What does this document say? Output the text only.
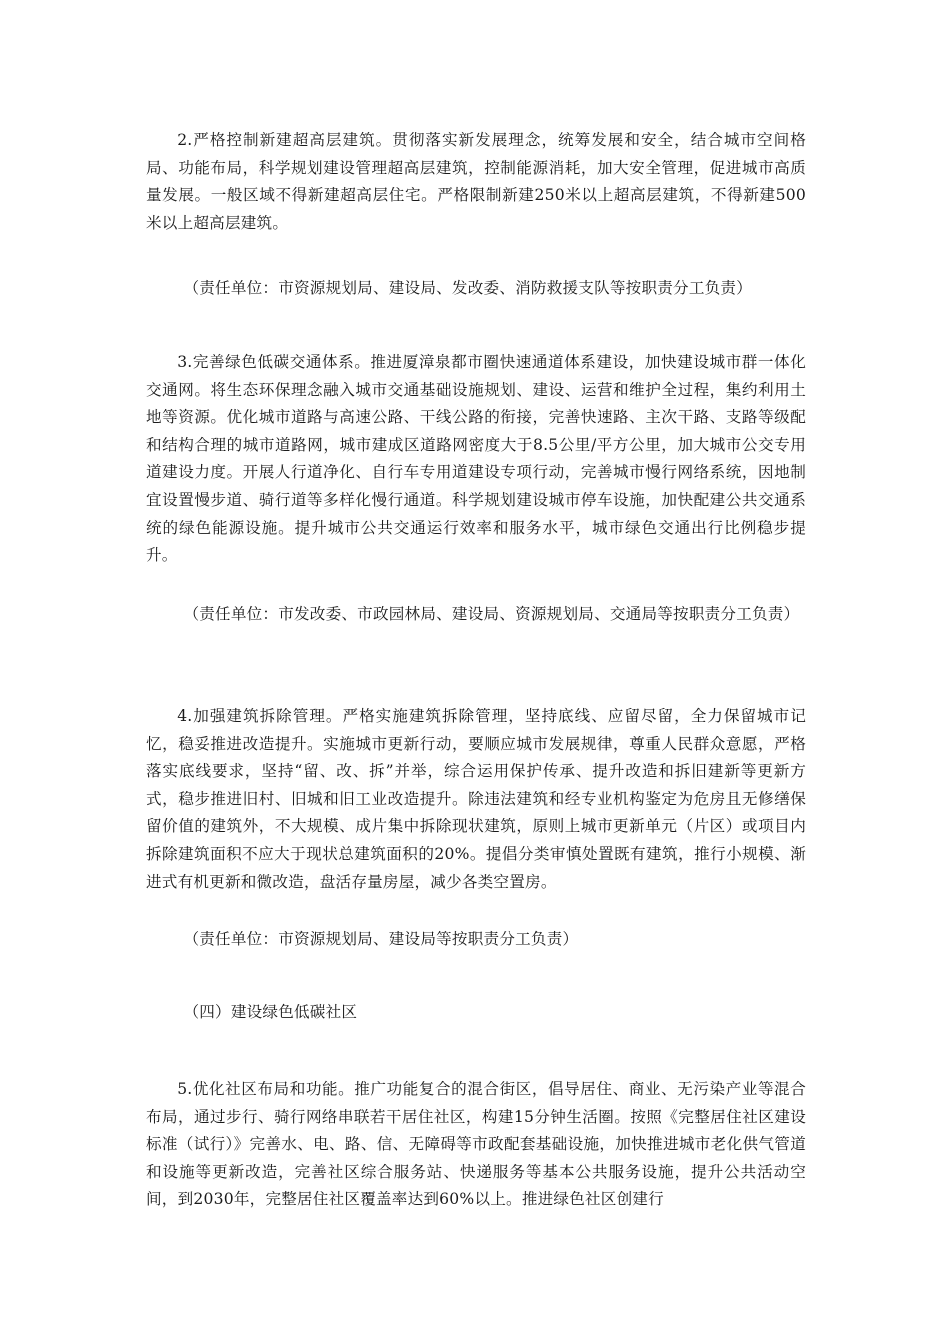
2.严格控制新建超高层建筑。贯彻落实新发展理念，统筹发展和安全，结合城市空间格局、功能布局，科学规划建设管理超高层建筑，控制能源消耗，加大安全管理，促进城市高质量发展。一般区域不得新建超高层住宅。严格限制新建250米以上超高层建筑，不得新建500米以上超高层建筑。

（责任单位：市资源规划局、建设局、发改委、消防救援支队等按职责分工负责）

3.完善绿色低碳交通体系。推进厦漳泉都市圈快速通道体系建设，加快建设城市群一体化交通网。将生态环保理念融入城市交通基础设施规划、建设、运营和维护全过程，集约利用土地等资源。优化城市道路与高速公路、干线公路的衔接，完善快速路、主次干路、支路等级配和结构合理的城市道路网，城市建成区道路网密度大于8.5公里/平方公里，加大城市公交专用道建设力度。开展人行道净化、自行车专用道建设专项行动，完善城市慢行网络系统，因地制宜设置慢步道、骑行道等多样化慢行通道。科学规划建设城市停车设施，加快配建公共交通系统的绿色能源设施。提升城市公共交通运行效率和服务水平，城市绿色交通出行比例稳步提升。

（责任单位：市发改委、市政园林局、建设局、资源规划局、交通局等按职责分工负责）

4.加强建筑拆除管理。严格实施建筑拆除管理，坚持底线、应留尽留，全力保留城市记忆，稳妥推进改造提升。实施城市更新行动，要顺应城市发展规律，尊重人民群众意愿，严格落实底线要求，坚持“留、改、拆”并举，综合运用保护传承、提升改造和拆旧建新等更新方式，稳步推进旧村、旧城和旧工业改造提升。除违法建筑和经专业机构鉴定为危房且无修缮保留价值的建筑外，不大规模、成片集中拆除现状建筑，原则上城市更新单元（片区）或项目内拆除建筑面积不应大于现状总建筑面积的20%。提倡分类审慎处置既有建筑，推行小规模、渐进式有机更新和微改造，盘活存量房屋，减少各类空置房。

（责任单位：市资源规划局、建设局等按职责分工负责）

（四）建设绿色低碳社区

5.优化社区布局和功能。推广功能复合的混合街区，倡导居住、商业、无污染产业等混合布局，通过步行、骑行网络串联若干居住社区，构建15分钟生活圈。按照《完整居住社区建设标准（试行）》完善水、电、路、信、无障碍等市政配套基础设施，加快推进城市老化供气管道和设施等更新改造，完善社区综合服务站、快递服务等基本公共服务设施，提升公共活动空间，到2030年，完整居住社区覆盖率达到60%以上。推进绿色社区创建行
